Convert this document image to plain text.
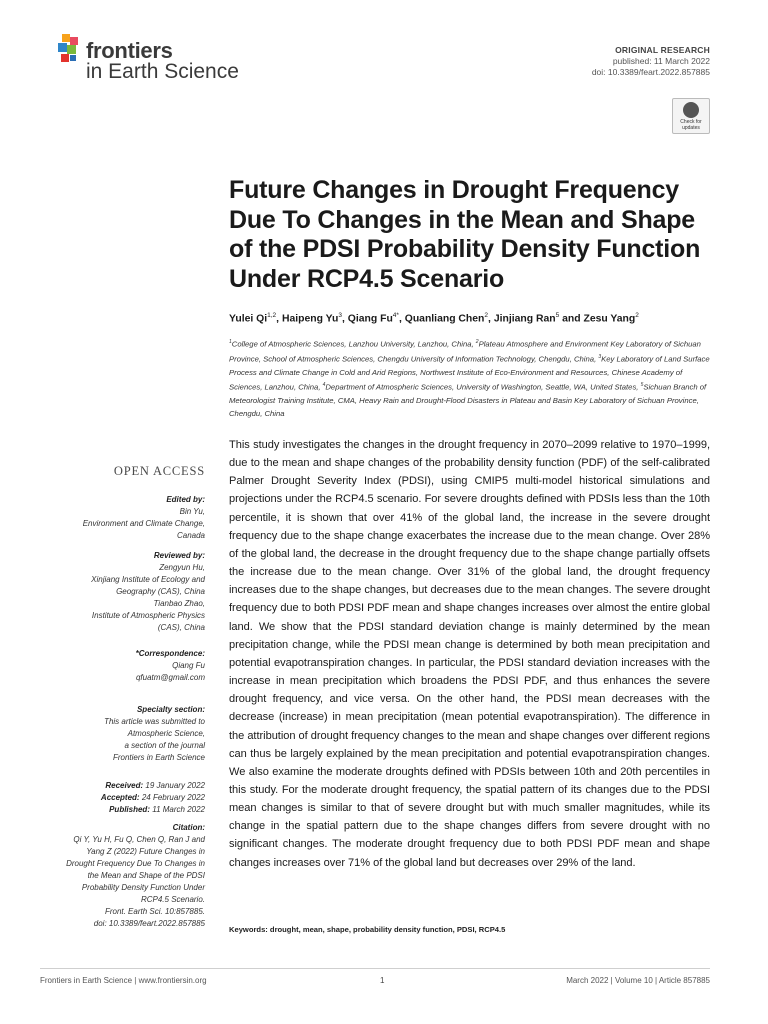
frontiers
in Earth Science
ORIGINAL RESEARCH
published: 11 March 2022
doi: 10.3389/feart.2022.857885
Check for
updates
Future Changes in Drought Frequency Due To Changes in the Mean and Shape of the PDSI Probability Density Function Under RCP4.5 Scenario
Yulei Qi$^{1,2}$, Haipeng Yu$^3$, Qiang $Fu^{4*}$, Quanliang Chen$^2$, Jinjiang Ran$^5$ and Zesu Yang$^2$

$^1$College of Atmospheric Sciences, Lanzhou University, Lanzhou, China, $^2$Plateau Atmosphere and Environment Key Laboratory of Sichuan Province, School of Atmospheric Sciences, Chengdu University of Information Technology, Chengdu, China, $^3$Key Laboratory of Land Surface Process and Climate Change in Cold and Arid Regions, Northwest Institute of Eco-Environment and Resources, Chinese Academy of Sciences, Lanzhou, China, $^4$Department of Atmospheric Sciences, University of Washington, Seattle, WA, United States, $^5$Sichuan Branch of Meteorologist Training Institute, CMA, Heavy Rain and Drought-Flood Disasters in Plateau and Basin Key Laboratory of Sichuan Province, Chengdu, China

OPEN ACCESS
Edited by:
Bin Yu,
Environment and Climate Change,
Canada
Reviewed by:
Zengyun Hu,
Xinjiang Institute of Ecology and
Geography (CAS), China
Tianbao Zhao,
Institute of Atmospheric Physics
(CAS), China
*Correspondence:
Qiang Fu
qfuatm@gmail.com
Specialty section:
This article was submitted to
Atmospheric Science,
a section of the journal
Frontiers in Earth Science
Received: 19 January 2022
Accepted: 24 February 2022
Published: 11 March 2022
Citation:
Qi Y, Yu H, Fu Q, Chen Q, Ran J and
Yang Z (2022) Future Changes in
Drought Frequency Due To Changes in
the Mean and Shape of the PDSI
Probability Density Function Under
RCP4.5 Scenario.
Front. Earth Sci. 10:857885.
doi: 10.3389/feart.2022.857885

This study investigates the changes in the drought frequency in 2070–2099 relative to 1970–1999, due to the mean and shape changes of the probability density function (PDF) of the self-calibrated Palmer Drought Severity Index (PDSI), using CMIP5 multi-model historical simulations and projections under the RCP4.5 scenario. For severe droughts defined with PDSIs less than the 10th percentile, it is shown that over 41% of the global land, the increase in the severe drought frequency due to the shape change exacerbates the increase due to the mean change. Over 28% of the global land, the decrease in the drought frequency due to the shape change partially offsets the increase due to the mean change. Over 31% of the global land, the drought frequency increases due to the shape changes, but decreases due to the mean changes. The severe drought frequency due to both PDSI PDF mean and shape changes increases over almost the entire global land. We show that the PDSI standard deviation change is mainly determined by the mean precipitation change, while the PDSI mean change is determined by both mean precipitation and potential evapotranspiration changes. In particular, the PDSI standard deviation increases with the increase in mean precipitation which broadens the PDSI PDF, and thus enhances the severe drought frequency, and vice versa. On the other hand, the PDSI mean decreases with the decrease (increase) in mean precipitation (mean potential evapotranspiration). The difference in the attribution of drought frequency changes to the mean and shape changes over different regions can thus be largely explained by the mean precipitation and potential evapotranspiration changes. We also examine the moderate droughts defined with PDSIs between 10th and 20th percentiles in this study. For the moderate drought frequency, the spatial pattern of its changes due to the PDSI mean changes is similar to that of severe drought but with much smaller magnitudes, while its change in the spatial pattern due to the shape changes differs from severe drought with no significant changes. The moderate drought frequency due to both PDSI PDF mean and shape changes increases over 71% of the global land but decreases over 29% of the land.

Keywords: drought, mean, shape, probability density function, PDSI, RCP4.5
Frontiers in Earth Science | www.frontiersin.org	1	March 2022 | Volume 10 | Article 857885
